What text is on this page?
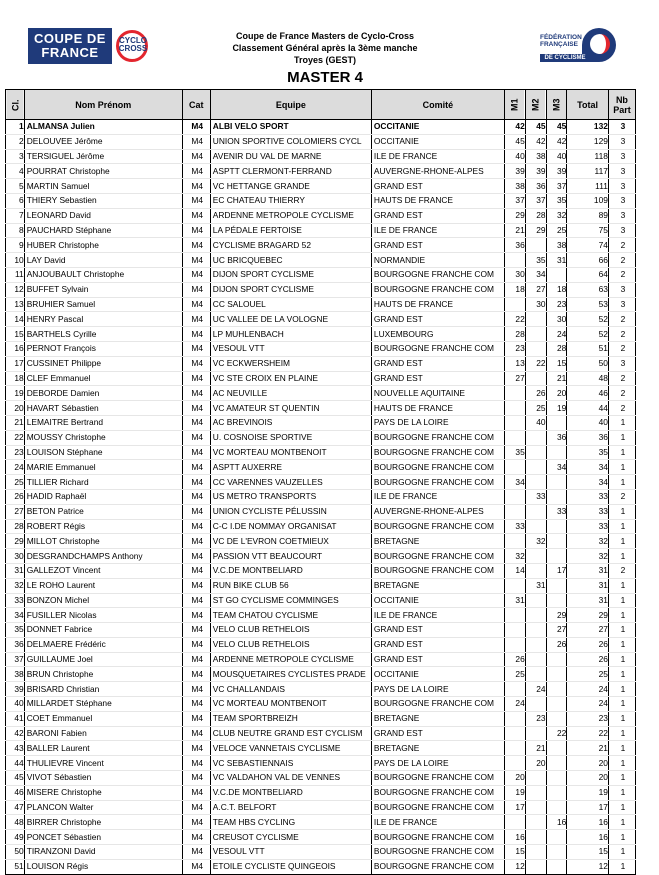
COUPE DE
FRANCE
CYCLO CROSS
Coupe de France Masters de Cyclo-Cross
Classement Général après la 3ème manche
Troyes (GEST)
MASTER 4
FÉDÉRATION
FRANÇAISE
DE CYCLISME
Cl.	Nom Prénom	Cat	Equipe	Comité	M1	M2	M3	Total	Nb Part
1	ALMANSA Julien	M4	ALBI VELO SPORT	OCCITANIE	42	45	45	132	3
2	DELOUVEE Jérôme	M4	UNION SPORTIVE COLOMIERS CYCL	OCCITANIE	45	42	42	129	3
3	TERSIGUEL Jérôme	M4	AVENIR DU VAL DE MARNE	ILE DE FRANCE	40	38	40	118	3
4	POURRAT Christophe	M4	ASPTT CLERMONT-FERRAND	AUVERGNE-RHONE-ALPES	39	39	39	117	3
5	MARTIN Samuel	M4	VC HETTANGE GRANDE	GRAND EST	38	36	37	111	3
6	THIERY Sebastien	M4	EC CHATEAU THIERRY	HAUTS DE FRANCE	37	37	35	109	3
7	LEONARD David	M4	ARDENNE METROPOLE CYCLISME	GRAND EST	29	28	32	89	3
8	PAUCHARD Stéphane	M4	LA PÉDALE FERTOISE	ILE DE FRANCE	21	29	25	75	3
9	HUBER Christophe	M4	CYCLISME BRAGARD 52	GRAND EST	36		38	74	2
10	LAY David	M4	UC BRICQUEBEC	NORMANDIE		35	31	66	2
11	ANJOUBAULT Christophe	M4	DIJON SPORT CYCLISME	BOURGOGNE FRANCHE COM	30	34		64	2
12	BUFFET Sylvain	M4	DIJON SPORT CYCLISME	BOURGOGNE FRANCHE COM	18	27	18	63	3
13	BRUHIER Samuel	M4	CC SALOUEL	HAUTS DE FRANCE		30	23	53	3
14	HENRY Pascal	M4	UC VALLEE DE LA VOLOGNE	GRAND EST	22		30	52	2
15	BARTHELS Cyrille	M4	LP MUHLENBACH	LUXEMBOURG	28		24	52	2
16	PERNOT François	M4	VESOUL VTT	BOURGOGNE FRANCHE COM	23		28	51	2
17	CUSSINET Philippe	M4	VC ECKWERSHEIM	GRAND EST	13	22	15	50	3
18	CLEF Emmanuel	M4	VC STE CROIX EN PLAINE	GRAND EST	27		21	48	2
19	DEBORDE Damien	M4	AC NEUVILLE	NOUVELLE AQUITAINE		26	20	46	2
20	HAVART Sébastien	M4	VC AMATEUR ST QUENTIN	HAUTS DE FRANCE		25	19	44	2
21	LEMAITRE Bertrand	M4	AC BREVINOIS	PAYS DE LA LOIRE		40		40	1
22	MOUSSY Christophe	M4	U. COSNOISE SPORTIVE	BOURGOGNE FRANCHE COM			36	36	1
23	LOUISON Stéphane	M4	VC MORTEAU MONTBENOIT	BOURGOGNE FRANCHE COM	35			35	1
24	MARIE Emmanuel	M4	ASPTT AUXERRE	BOURGOGNE FRANCHE COM			34	34	1
25	TILLIER Richard	M4	CC VARENNES VAUZELLES	BOURGOGNE FRANCHE COM	34			34	1
26	HADID Raphaël	M4	US METRO TRANSPORTS	ILE DE FRANCE		33		33	2
27	BETON Patrice	M4	UNION CYCLISTE PÉLUSSIN	AUVERGNE-RHONE-ALPES			33	33	1
28	ROBERT Régis	M4	C-C I.DE NOMMAY ORGANISAT	BOURGOGNE FRANCHE COM	33			33	1
29	MILLOT Christophe	M4	VC DE L'EVRON COETMIEUX	BRETAGNE		32		32	1
30	DESGRANDCHAMPS Anthony	M4	PASSION VTT BEAUCOURT	BOURGOGNE FRANCHE COM	32			32	1
31	GALLEZOT Vincent	M4	V.C.DE MONTBELIARD	BOURGOGNE FRANCHE COM	14		17	31	2
32	LE ROHO Laurent	M4	RUN BIKE CLUB 56	BRETAGNE		31		31	1
33	BONZON Michel	M4	ST GO CYCLISME COMMINGES	OCCITANIE	31			31	1
34	FUSILLER Nicolas	M4	TEAM CHATOU CYCLISME	ILE DE FRANCE			29	29	1
35	DONNET Fabrice	M4	VELO CLUB RETHELOIS	GRAND EST			27	27	1
36	DELMAERE Frédéric	M4	VELO CLUB RETHELOIS	GRAND EST			26	26	1
37	GUILLAUME Joel	M4	ARDENNE METROPOLE CYCLISME	GRAND EST	26			26	1
38	BRUN Christophe	M4	MOUSQUETAIRES CYCLISTES PRADE	OCCITANIE	25			25	1
39	BRISARD Christian	M4	VC CHALLANDAIS	PAYS DE LA LOIRE		24		24	1
40	MILLARDET Stéphane	M4	VC MORTEAU MONTBENOIT	BOURGOGNE FRANCHE COM	24			24	1
41	COET Emmanuel	M4	TEAM SPORTBREIZH	BRETAGNE		23		23	1
42	BARONI Fabien	M4	CLUB NEUTRE GRAND EST CYCLISM	GRAND EST			22	22	1
43	BALLER Laurent	M4	VELOCE VANNETAIS CYCLISME	BRETAGNE		21		21	1
44	THULIEVRE Vincent	M4	VC SEBASTIENNAIS	PAYS DE LA LOIRE		20		20	1
45	VIVOT Sébastien	M4	VC VALDAHON VAL DE VENNES	BOURGOGNE FRANCHE COM	20			20	1
46	MISERE Christophe	M4	V.C.DE MONTBELIARD	BOURGOGNE FRANCHE COM	19			19	1
47	PLANCON Walter	M4	A.C.T. BELFORT	BOURGOGNE FRANCHE COM	17			17	1
48	BIRRER Christophe	M4	TEAM HBS CYCLING	ILE DE FRANCE			16	16	1
49	PONCET Sébastien	M4	CREUSOT CYCLISME	BOURGOGNE FRANCHE COM	16			16	1
50	TIRANZONI David	M4	VESOUL VTT	BOURGOGNE FRANCHE COM	15			15	1
51	LOUISON Régis	M4	ETOILE CYCLISTE QUINGEOIS	BOURGOGNE FRANCHE COM	12			12	1
